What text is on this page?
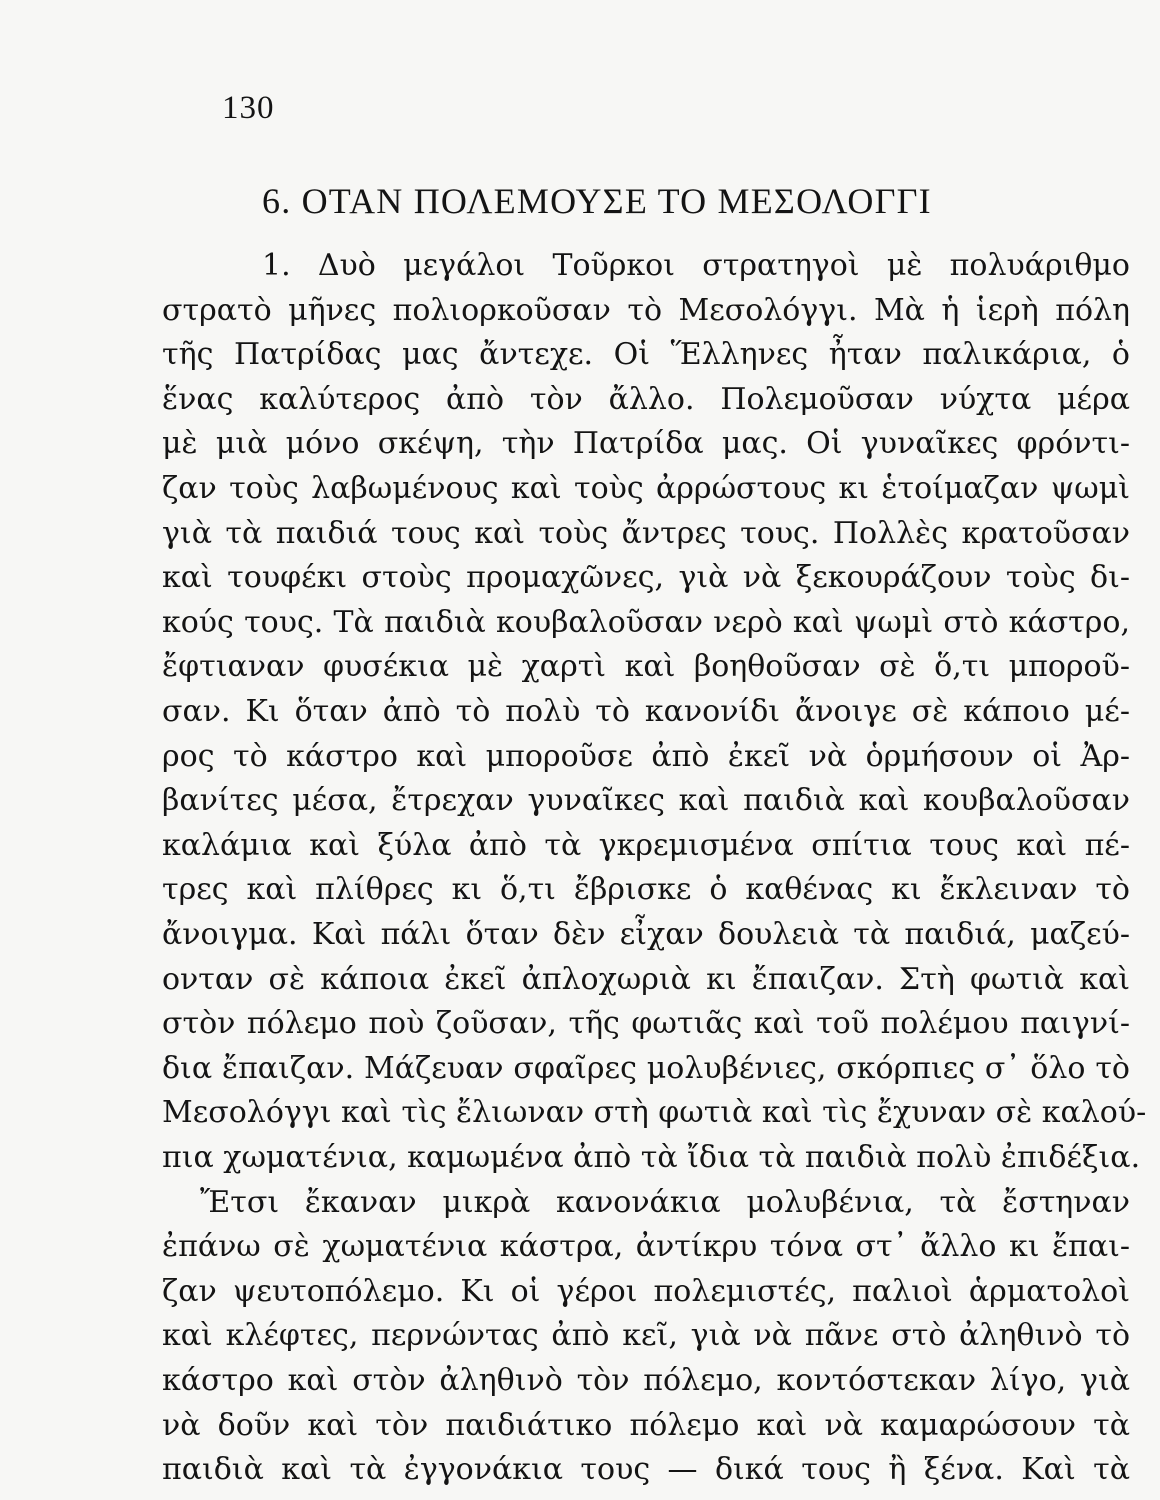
130
6. ΟΤΑΝ ΠΟΛΕΜΟΥΣΕ ΤΟ ΜΕΣΟΛΟΓΓΙ
1. Δυὸ μεγάλοι Τοῦρκοι στρατηγοὶ μὲ πολυάριθμο
στρατὸ μῆνες πολιορκοῦσαν τὸ Μεσολόγγι. Μὰ ἡ ἱερὴ πόλη
τῆς Πατρίδας μας ἄντεχε. Οἱ Ἕλληνες ἦταν παλικάρια, ὁ
ἕνας καλύτερος ἀπὸ τὸν ἄλλο. Πολεμοῦσαν νύχτα μέρα
μὲ μιὰ μόνο σκέψη, τὴν Πατρίδα μας. Οἱ γυναῖκες φρόντι-
ζαν τοὺς λαβωμένους καὶ τοὺς ἀρρώστους κι ἑτοίμαζαν ψωμὶ
γιὰ τὰ παιδιά τους καὶ τοὺς ἄντρες τους. Πολλὲς κρατοῦσαν
καὶ τουφέκι στοὺς προμαχῶνες, γιὰ νὰ ξεκουράζουν τοὺς δι-
κούς τους. Τὰ παιδιὰ κουβαλοῦσαν νερὸ καὶ ψωμὶ στὸ κάστρο,
ἔφτιαναν φυσέκια μὲ χαρτὶ καὶ βοηθοῦσαν σὲ ὅ,τι μποροῦ-
σαν. Κι ὅταν ἀπὸ τὸ πολὺ τὸ κανονίδι ἄνοιγε σὲ κάποιο μέ-
ρος τὸ κάστρο καὶ μποροῦσε ἀπὸ ἐκεῖ νὰ ὁρμήσουν οἱ Ἀρ-
βανίτες μέσα, ἔτρεχαν γυναῖκες καὶ παιδιὰ καὶ κουβαλοῦσαν
καλάμια καὶ ξύλα ἀπὸ τὰ γκρεμισμένα σπίτια τους καὶ πέ-
τρες καὶ πλίθρες κι ὅ,τι ἔβρισκε ὁ καθένας κι ἔκλειναν τὸ
ἄνοιγμα. Καὶ πάλι ὅταν δὲν εἶχαν δουλειὰ τὰ παιδιά, μαζεύ-
ονταν σὲ κάποια ἐκεῖ ἀπλοχωριὰ κι ἔπαιζαν. Στὴ φωτιὰ καὶ
στὸν πόλεμο ποὺ ζοῦσαν, τῆς φωτιᾶς καὶ τοῦ πολέμου παιγνί-
δια ἔπαιζαν. Μάζευαν σφαῖρες μολυβένιες, σκόρπιες σ᾿ ὅλο τὸ
Μεσολόγγι καὶ τὶς ἔλιωναν στὴ φωτιὰ καὶ τὶς ἔχυναν σὲ καλού-
πια χωματένια, καμωμένα ἀπὸ τὰ ἴδια τὰ παιδιὰ πολὺ ἐπιδέξια.
Ἔτσι ἔκαναν μικρὰ κανονάκια μολυβένια, τὰ ἔστηναν
ἐπάνω σὲ χωματένια κάστρα, ἀντίκρυ τόνα στ᾿ ἄλλο κι ἔπαι-
ζαν ψευτοπόλεμο. Κι οἱ γέροι πολεμιστές, παλιοὶ ἁρματολοὶ
καὶ κλέφτες, περνώντας ἀπὸ κεῖ, γιὰ νὰ πᾶνε στὸ ἀληθινὸ τὸ
κάστρο καὶ στὸν ἀληθινὸ τὸν πόλεμο, κοντόστεκαν λίγο, γιὰ
νὰ δοῦν καὶ τὸν παιδιάτικο πόλεμο καὶ νὰ καμαρώσουν τὰ
παιδιὰ καὶ τὰ ἐγγονάκια τους — δικά τους ἢ ξένα. Καὶ τὰ
